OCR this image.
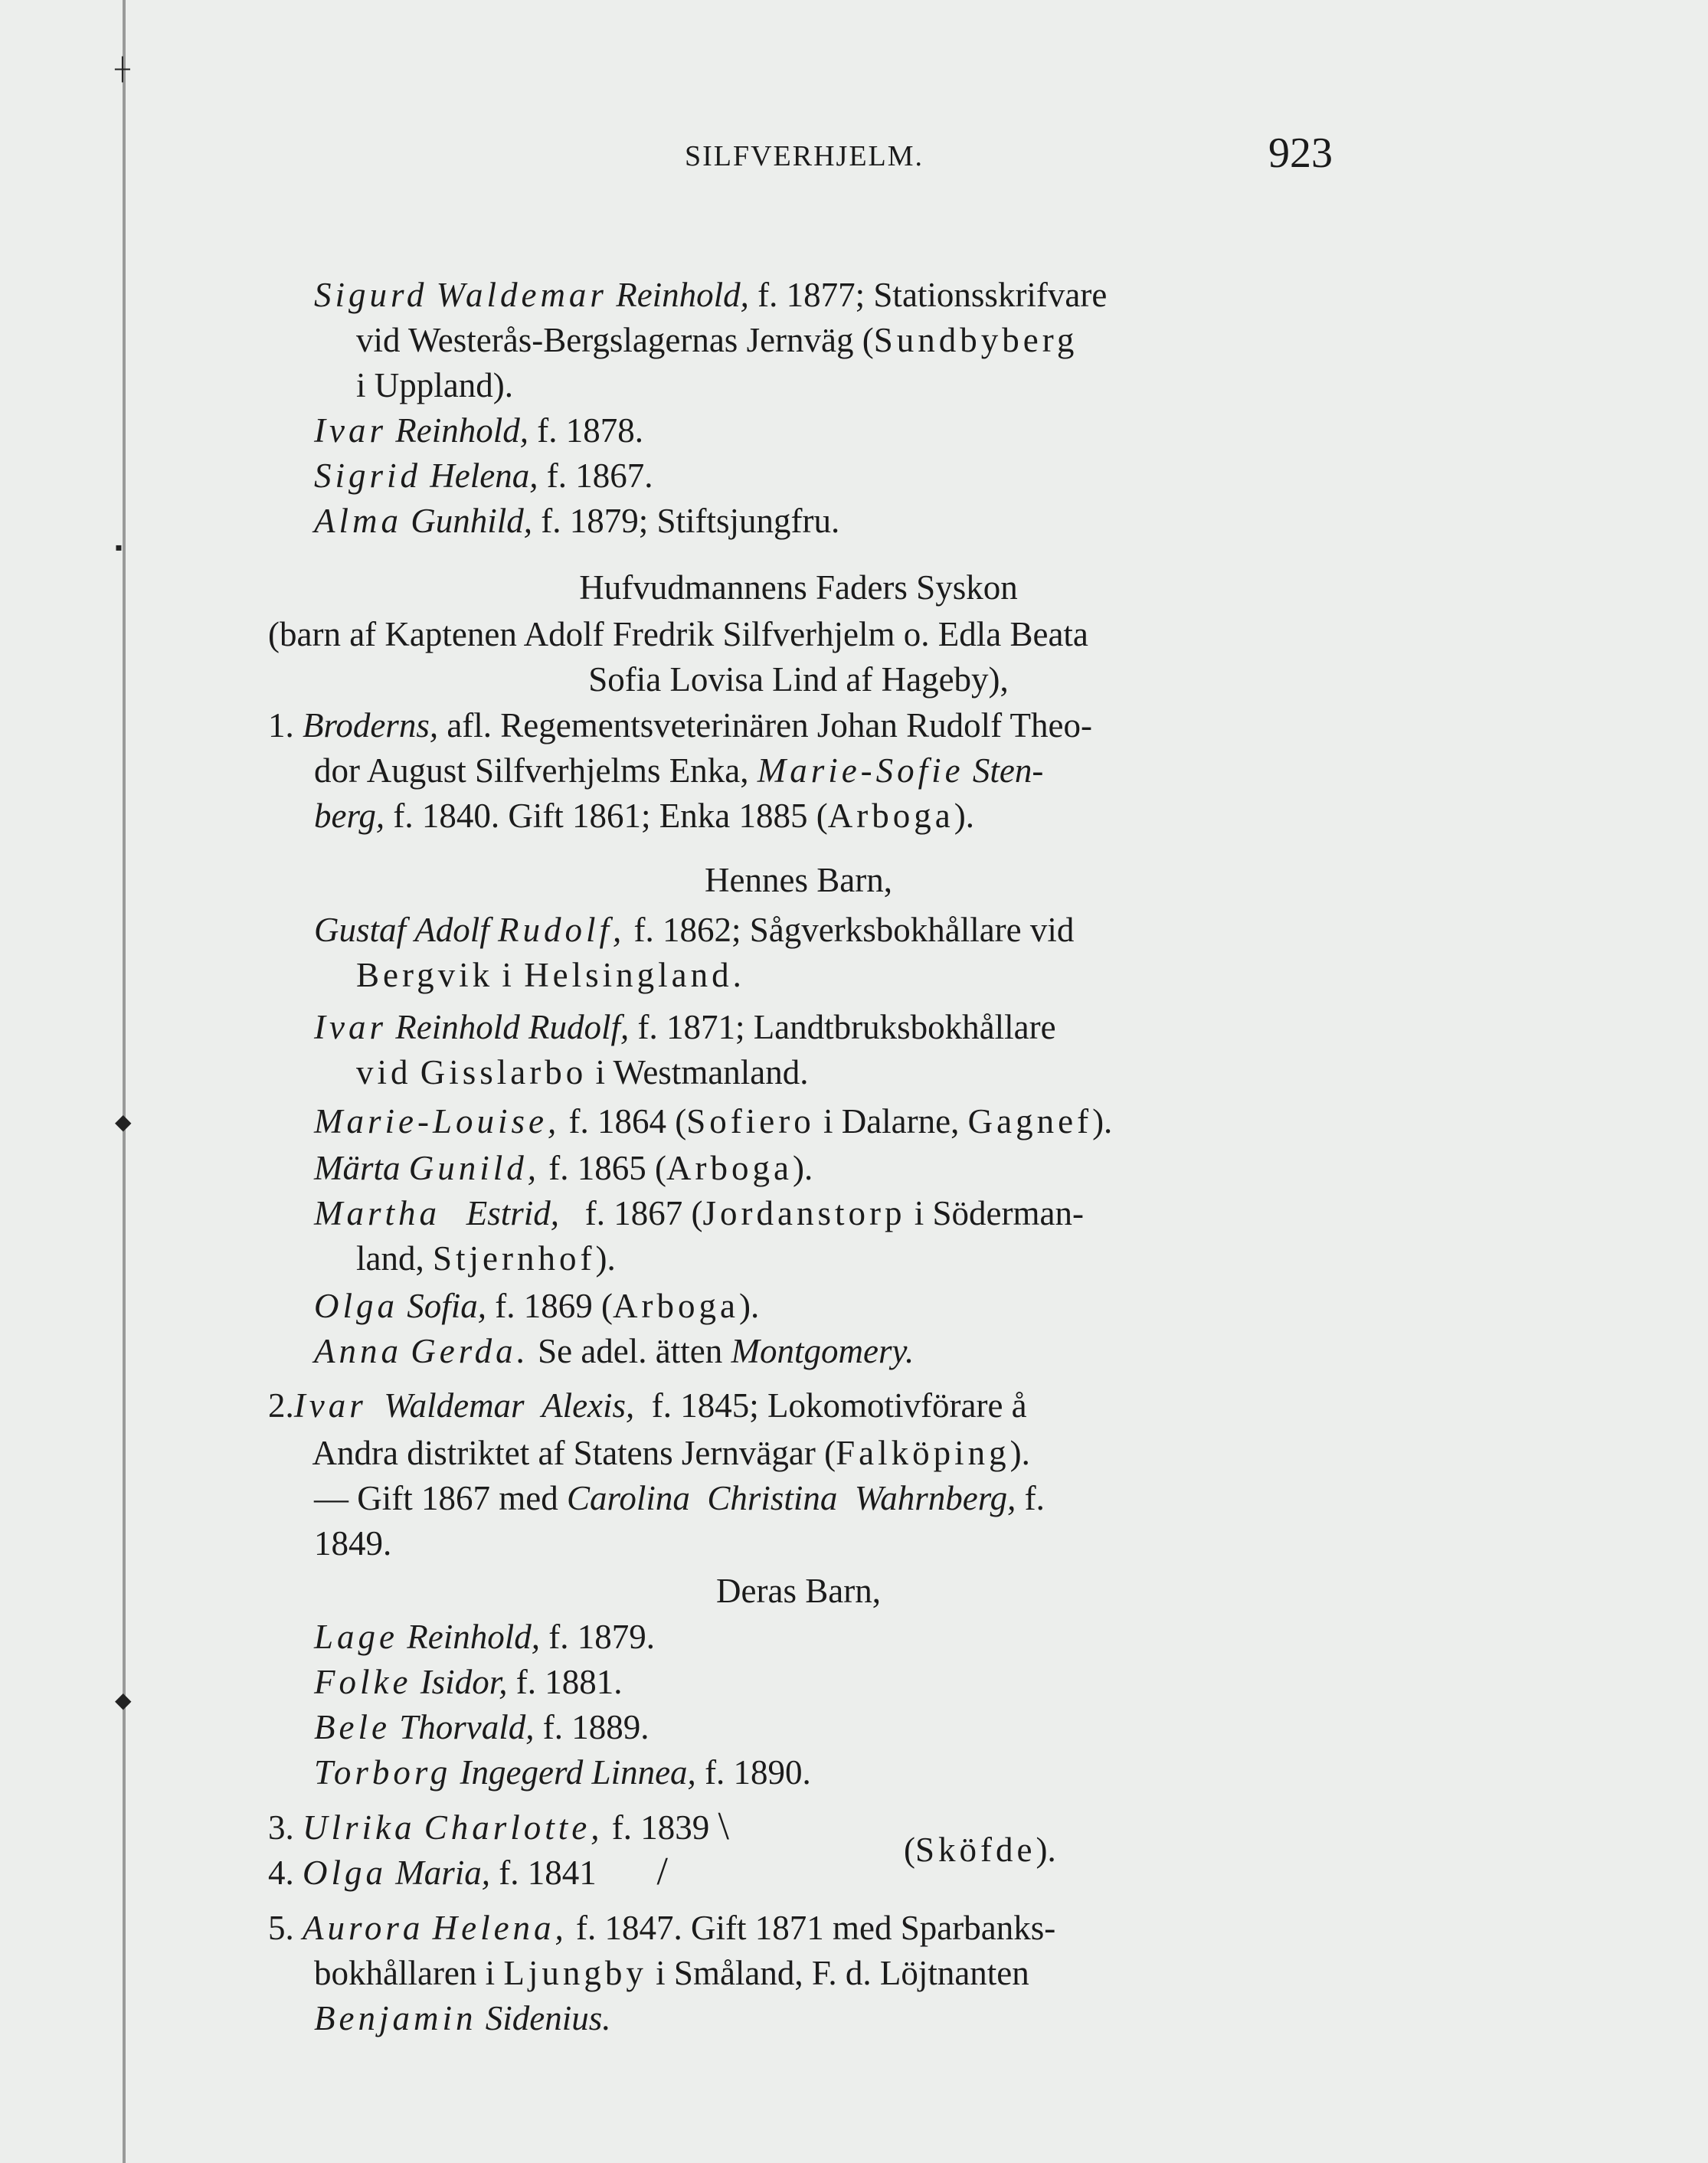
┼
▪
◆
◆
SILFVERHJELM.	923

Sigurd Waldemar Reinhold, f. 1877; Stationsskrifvare

vid Westerås-Bergslagernas Jernväg (Sundbyberg

i Uppland).

Ivar Reinhold, f. 1878.

Sigrid Helena, f. 1867.

Alma Gunhild, f. 1879; Stiftsjungfru.

Hufvudmannens Faders Syskon

(barn af Kaptenen Adolf Fredrik Silfverhjelm o. Edla Beata

Sofia Lovisa Lind af Hageby),

1. Broderns, afl. Regementsveterinären Johan Rudolf Theo-

dor August Silfverhjelms Enka, Marie-Sofie Sten-

berg, f. 1840. Gift 1861; Enka 1885 (Arboga).

Hennes Barn,

Gustaf Adolf Rudolf, f. 1862; Sågverksbokhållare vid

Bergvik i Helsingland.

Ivar Reinhold Rudolf, f. 1871; Landtbruksbokhållare

vid Gisslarbo i Westmanland.

Marie-Louise, f. 1864 (Sofiero i Dalarne, Gagnef).

Märta Gunild, f. 1865 (Arboga).

Martha Estrid, f. 1867 (Jordanstorp i Söderman-

land, Stjernhof).

Olga Sofia, f. 1869 (Arboga).

Anna Gerda. Se adel. ätten Montgomery.

2.Ivar Waldemar Alexis, f. 1845; Lokomotivförare å

Andra distriktet af Statens Jernvägar (Falköping).

— Gift 1867 med Carolina Christina Wahrnberg, f.

1849.

Deras Barn,

Lage Reinhold, f. 1879.

Folke Isidor, f. 1881.

Bele Thorvald, f. 1889.

Torborg Ingegerd Linnea, f. 1890.

3. Ulrika Charlotte, f. 1839 \

4. Olga Maria, f. 1841 /
	(Sköfde).

5. Aurora Helena, f. 1847. Gift 1871 med Sparbanks-

bokhållaren i Ljungby i Småland, F. d. Löjtnanten

Benjamin Sidenius.
